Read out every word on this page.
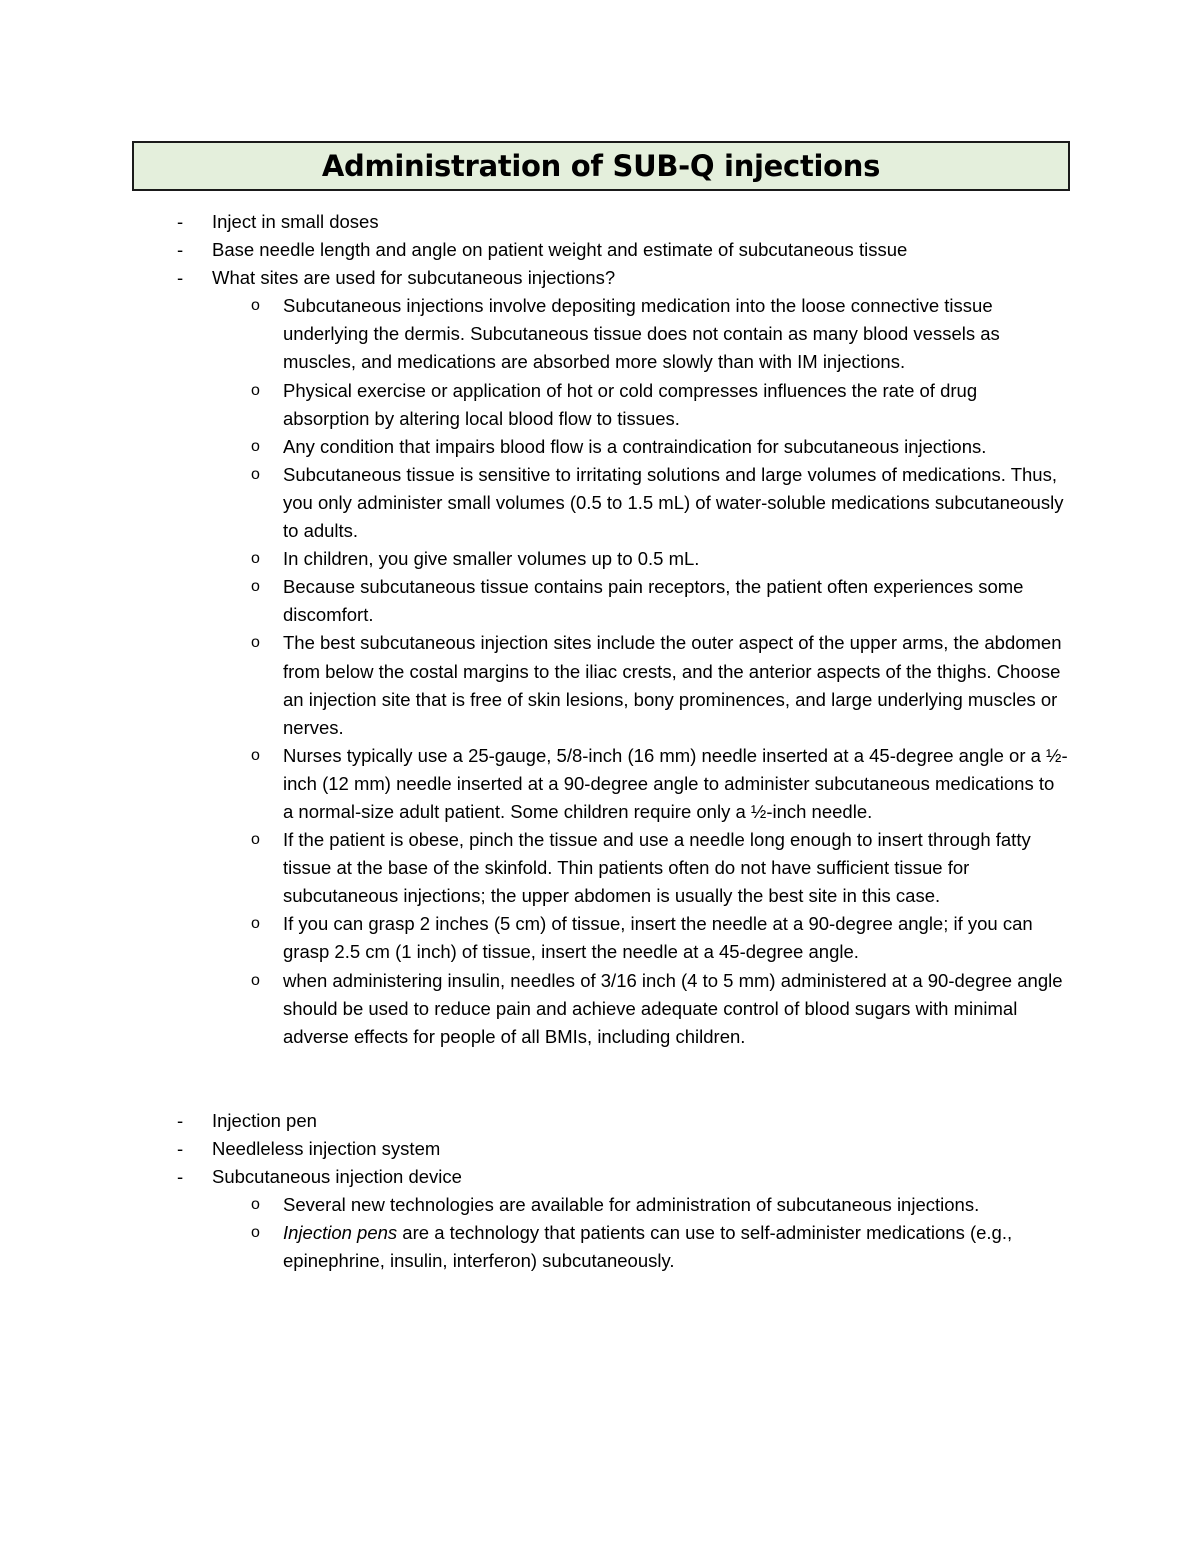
Administration of SUB-Q injections
- Inject in small doses
- Base needle length and angle on patient weight and estimate of subcutaneous tissue
- What sites are used for subcutaneous injections?
o Subcutaneous injections involve depositing medication into the loose connective tissue underlying the dermis. Subcutaneous tissue does not contain as many blood vessels as muscles, and medications are absorbed more slowly than with IM injections.
o Physical exercise or application of hot or cold compresses influences the rate of drug absorption by altering local blood flow to tissues.
o Any condition that impairs blood flow is a contraindication for subcutaneous injections.
o Subcutaneous tissue is sensitive to irritating solutions and large volumes of medications. Thus, you only administer small volumes (0.5 to 1.5 mL) of water-soluble medications subcutaneously to adults.
o In children, you give smaller volumes up to 0.5 mL.
o Because subcutaneous tissue contains pain receptors, the patient often experiences some discomfort.
o The best subcutaneous injection sites include the outer aspect of the upper arms, the abdomen from below the costal margins to the iliac crests, and the anterior aspects of the thighs. Choose an injection site that is free of skin lesions, bony prominences, and large underlying muscles or nerves.
o Nurses typically use a 25-gauge, 5/8-inch (16 mm) needle inserted at a 45-degree angle or a ½-inch (12 mm) needle inserted at a 90-degree angle to administer subcutaneous medications to a normal-size adult patient. Some children require only a ½-inch needle.
o If the patient is obese, pinch the tissue and use a needle long enough to insert through fatty tissue at the base of the skinfold. Thin patients often do not have sufficient tissue for subcutaneous injections; the upper abdomen is usually the best site in this case.
o If you can grasp 2 inches (5 cm) of tissue, insert the needle at a 90-degree angle; if you can grasp 2.5 cm (1 inch) of tissue, insert the needle at a 45-degree angle.
o when administering insulin, needles of 3/16 inch (4 to 5 mm) administered at a 90-degree angle should be used to reduce pain and achieve adequate control of blood sugars with minimal adverse effects for people of all BMIs, including children.
- Injection pen
- Needleless injection system
- Subcutaneous injection device
o Several new technologies are available for administration of subcutaneous injections.
o Injection pens are a technology that patients can use to self-administer medications (e.g., epinephrine, insulin, interferon) subcutaneously.
